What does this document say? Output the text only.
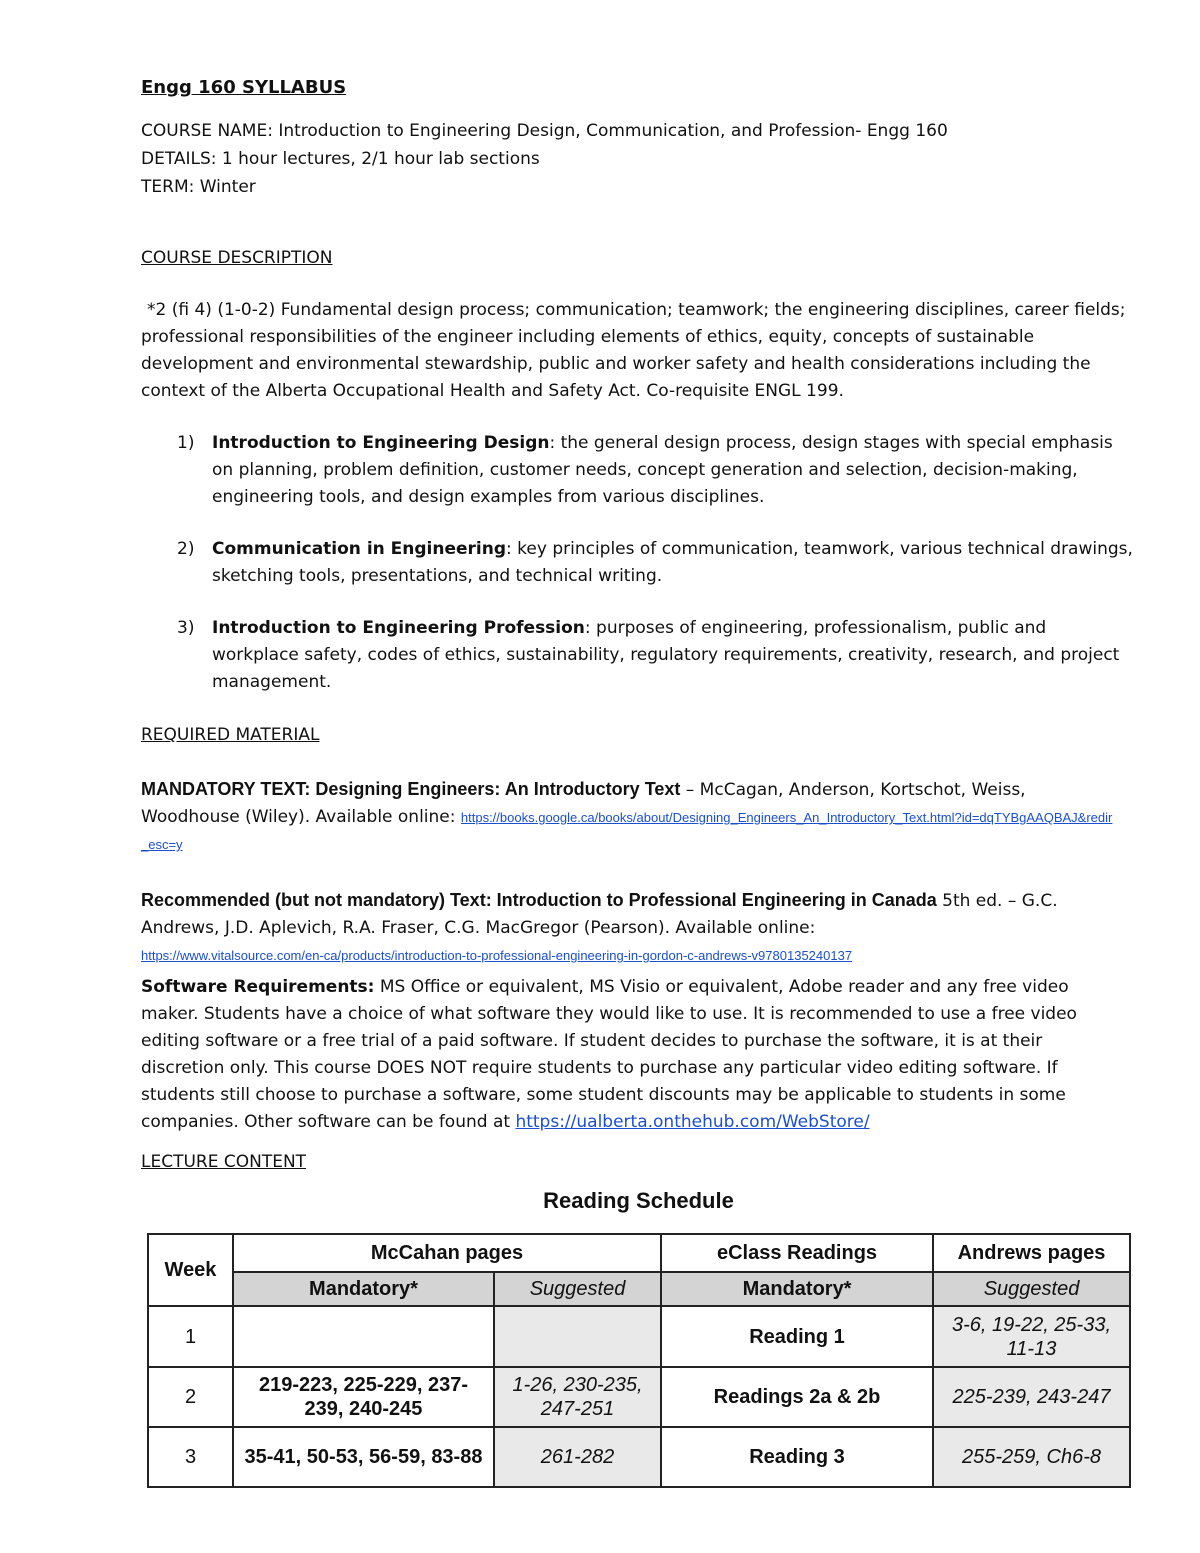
Engg 160 SYLLABUS
COURSE NAME: Introduction to Engineering Design, Communication, and Profession- Engg 160
DETAILS: 1 hour lectures, 2/1 hour lab sections
TERM: Winter
COURSE DESCRIPTION
*2 (fi 4) (1-0-2) Fundamental design process; communication; teamwork; the engineering disciplines, career fields; professional responsibilities of the engineer including elements of ethics, equity, concepts of sustainable development and environmental stewardship, public and worker safety and health considerations including the context of the Alberta Occupational Health and Safety Act. Co-requisite ENGL 199.
1) Introduction to Engineering Design: the general design process, design stages with special emphasis on planning, problem definition, customer needs, concept generation and selection, decision-making, engineering tools, and design examples from various disciplines.
2) Communication in Engineering: key principles of communication, teamwork, various technical drawings, sketching tools, presentations, and technical writing.
3) Introduction to Engineering Profession: purposes of engineering, professionalism, public and workplace safety, codes of ethics, sustainability, regulatory requirements, creativity, research, and project management.
REQUIRED MATERIAL
MANDATORY TEXT: Designing Engineers: An Introductory Text – McCagan, Anderson, Kortschot, Weiss, Woodhouse (Wiley). Available online: https://books.google.ca/books/about/Designing_Engineers_An_Introductory_Text.html?id=dqTYBgAAQBAJ&redir_esc=y
Recommended (but not mandatory) Text: Introduction to Professional Engineering in Canada 5th ed. – G.C. Andrews, J.D. Aplevich, R.A. Fraser, C.G. MacGregor (Pearson). Available online:
https://www.vitalsource.com/en-ca/products/introduction-to-professional-engineering-in-gordon-c-andrews-v9780135240137
Software Requirements: MS Office or equivalent, MS Visio or equivalent, Adobe reader and any free video maker. Students have a choice of what software they would like to use. It is recommended to use a free video editing software or a free trial of a paid software. If student decides to purchase the software, it is at their discretion only. This course DOES NOT require students to purchase any particular video editing software. If students still choose to purchase a software, some student discounts may be applicable to students in some companies. Other software can be found at https://ualberta.onthehub.com/WebStore/
LECTURE CONTENT
Reading Schedule
Week	McCahan pages		eClass Readings	Andrews pages
	Mandatory*	Suggested	Mandatory*	Suggested
1			Reading 1	3-6, 19-22, 25-33, 11-13
2	219-223, 225-229, 237-239, 240-245	1-26, 230-235, 247-251	Readings 2a & 2b	225-239, 243-247
3	35-41, 50-53, 56-59, 83-88	261-282	Reading 3	255-259, Ch6-8
